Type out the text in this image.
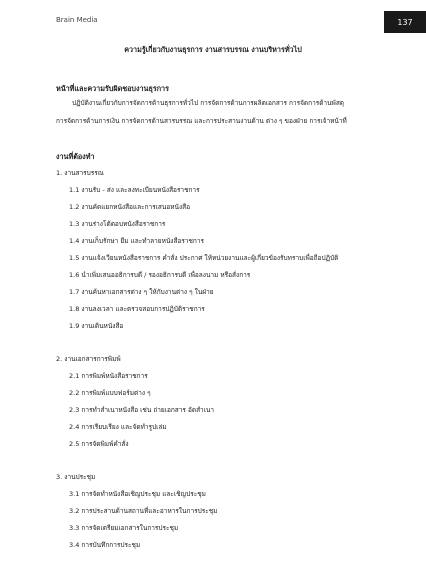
Brain Media	137
ความรู้เกี่ยวกับงานธุรการ งานสารบรรณ งานบริหารทั่วไป
หน้าที่และความรับผิดชอบงานธุรการ
ปฏิบัติงานเกี่ยวกับการจัดการด้านธุรการทั่วไป การจัดการด้านการผลิตเอกสาร การจัดการด้านพัสดุ
การจัดการด้านการเงิน การจัดการด้านสารบรรณ และการประสานงานด้าน ต่าง ๆ ของฝ่าย การเจ้าหน้าที่
งานที่ต้องทำ
1. งานสารบรรณ
1.1 งานรับ - ส่ง และลงทะเบียนหนังสือราชการ
1.2 งานคัดแยกหนังสือและการเสนอหนังสือ
1.3 งานร่างโต้ตอบหนังสือราชการ
1.4 งานเก็บรักษา ยืม และทำลายหนังสือราชการ
1.5 งานแจ้งเวียนหนังสือราชการ คำสั่ง ประกาศ ให้หน่วยงานและผู้เกี่ยวข้องรับทราบเพื่อถือปฏิบัติ
1.6 นำเพิ่มเสนออธิการบดี / รองอธิการบดี เพื่อลงนาม หรือสั่งการ
1.7 งานค้นหาเอกสารต่าง ๆ ให้กับงานต่าง ๆ ในฝ่าย
1.8 งานลงเวลา และตรวจสอบการปฏิบัติราชการ
1.9 งานเดินหนังสือ
2. งานเอกสารการพิมพ์
2.1 การพิมพ์หนังสือราชการ
2.2 การพิมพ์แบบฟอร์มต่าง ๆ
2.3 การทำสำเนาหนังสือ เช่น ถ่ายเอกสาร อัดสำเนา
2.4 การเรียบเรียง และจัดทำรูปเล่ม
2.5 การจัดพิมพ์คำสั่ง
3. งานประชุม
3.1 การจัดทำหนังสือเชิญประชุม และเชิญประชุม
3.2 การประสานด้านสถานที่และอาหารในการประชุม
3.3 การจัดเตรียมเอกสารในการประชุม
3.4 การบันทึกการประชุม
